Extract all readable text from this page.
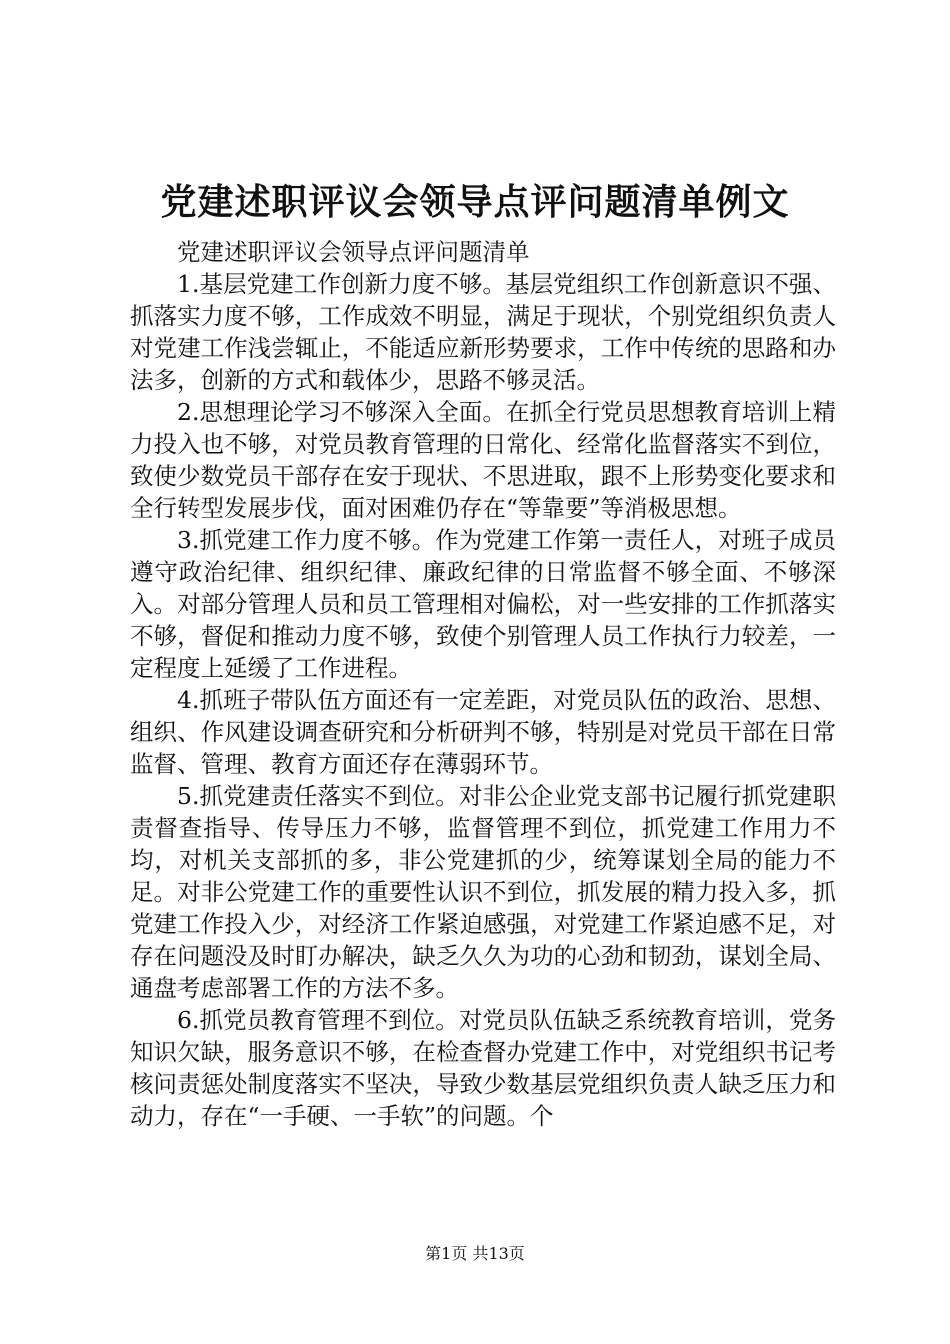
党建述职评议会领导点评问题清单例文

党建述职评议会领导点评问题清单

1.基层党建工作创新力度不够。基层党组织工作创新意识不强、抓落实力度不够，工作成效不明显，满足于现状，个别党组织负责人对党建工作浅尝辄止，不能适应新形势要求，工作中传统的思路和办法多，创新的方式和载体少，思路不够灵活。

2.思想理论学习不够深入全面。在抓全行党员思想教育培训上精力投入也不够，对党员教育管理的日常化、经常化监督落实不到位，致使少数党员干部存在安于现状、不思进取，跟不上形势变化要求和全行转型发展步伐，面对困难仍存在“等靠要”等消极思想。

3.抓党建工作力度不够。作为党建工作第一责任人，对班子成员遵守政治纪律、组织纪律、廉政纪律的日常监督不够全面、不够深入。对部分管理人员和员工管理相对偏松，对一些安排的工作抓落实不够，督促和推动力度不够，致使个别管理人员工作执行力较差，一定程度上延缓了工作进程。

4.抓班子带队伍方面还有一定差距，对党员队伍的政治、思想、组织、作风建设调查研究和分析研判不够，特别是对党员干部在日常监督、管理、教育方面还存在薄弱环节。

5.抓党建责任落实不到位。对非公企业党支部书记履行抓党建职责督查指导、传导压力不够，监督管理不到位，抓党建工作用力不均，对机关支部抓的多，非公党建抓的少，统筹谋划全局的能力不足。对非公党建工作的重要性认识不到位，抓发展的精力投入多，抓党建工作投入少，对经济工作紧迫感强，对党建工作紧迫感不足，对存在问题没及时盯办解决，缺乏久久为功的心劲和韧劲，谋划全局、通盘考虑部署工作的方法不多。

6.抓党员教育管理不到位。对党员队伍缺乏系统教育培训，党务知识欠缺，服务意识不够，在检查督办党建工作中，对党组织书记考核问责惩处制度落实不坚决，导致少数基层党组织负责人缺乏压力和动力，存在“一手硬、一手软”的问题。个

第1页 共13页
